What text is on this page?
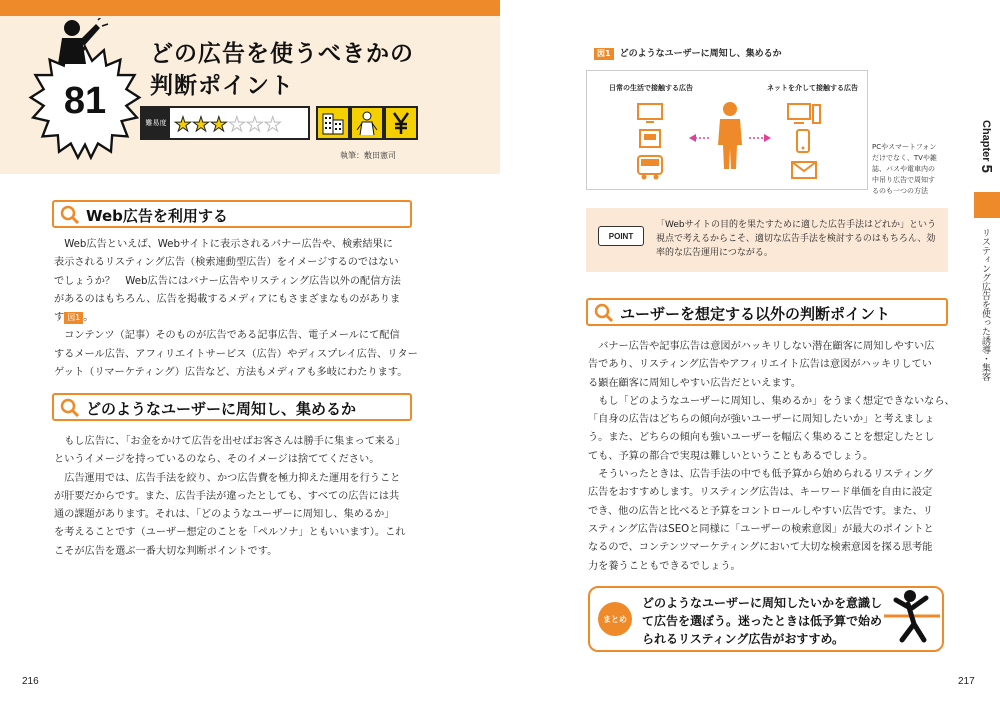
81
どの広告を使うべきかの
判断ポイント
難易度 ★★★★★★
執筆：敷田憲司
Web広告を利用する

Web広告といえば、Webサイトに表示されるバナー広告や、検索結果に

表示されるリスティング広告（検索連動型広告）をイメージするのではない

でしょうか？　Web広告にはバナー広告やリスティング広告以外の配信方法

があるのはもちろん、広告を掲載するメディアにもさまざまなものがありま

す 図1 。

コンテンツ（記事）そのものが広告である記事広告、電子メールにて配信

するメール広告、アフィリエイトサービス（広告）やディスプレイ広告、リター

ゲット（リマーケティング）広告など、方法もメディアも多岐にわたります。

どのようなユーザーに周知し、集めるか

もし広告に、「お金をかけて広告を出せばお客さんは勝手に集まって来る」

というイメージを持っているのなら、そのイメージは捨ててください。

広告運用では、広告手法を絞り、かつ広告費を極力抑えた運用を行うこと

が肝要だからです。また、広告手法が違ったとしても、すべての広告には共

通の課題があります。それは、「どのようなユーザーに周知し、集めるか」

を考えることです（ユーザー想定のことを「ペルソナ」ともいいます）。これ

こそが広告を選ぶ一番大切な判断ポイントです。

216
図1 どのようなユーザーに周知し、集めるか
日常の生活で接触する広告	ネットを介して接触する広告
PCやスマートフォン
だけでなく、TVや雑
誌、バスや電車内の
中吊り広告で周知す
るのも一つの方法
POINT
「Webサイトの目的を果たすために適した広告手法はどれか」という
視点で考えるからこそ、適切な広告手法を検討するのはもちろん、効
率的な広告運用につながる。
ユーザーを想定する以外の判断ポイント

バナー広告や記事広告は意図がハッキリしない潜在顧客に周知しやすい広

告であり、リスティング広告やアフィリエイト広告は意図がハッキリしてい

る顕在顧客に周知しやすい広告だといえます。

もし「どのようなユーザーに周知し、集めるか」をうまく想定できないなら、

「自身の広告はどちらの傾向が強いユーザーに周知したいか」と考えましょ

う。また、どちらの傾向も強いユーザーを幅広く集めることを想定したとし

ても、予算の都合で実現は難しいということもあるでしょう。

そういったときは、広告手法の中でも低予算から始められるリスティング

広告をおすすめします。リスティング広告は、キーワード単価を自由に設定

でき、他の広告と比べると予算をコントロールしやすい広告です。また、リ

スティング広告はSEOと同様に「ユーザーの検索意図」が最大のポイントと

なるので、コンテンツマーケティングにおいて大切な検索意図を探る思考能

力を養うこともできるでしょう。

まとめ
どのようなユーザーに周知したいかを意識し
て広告を選ぼう。迷ったときは低予算で始め
られるリスティング広告がおすすめ。
Chapter 5
リスティング広告を使った誘導・集客
217
